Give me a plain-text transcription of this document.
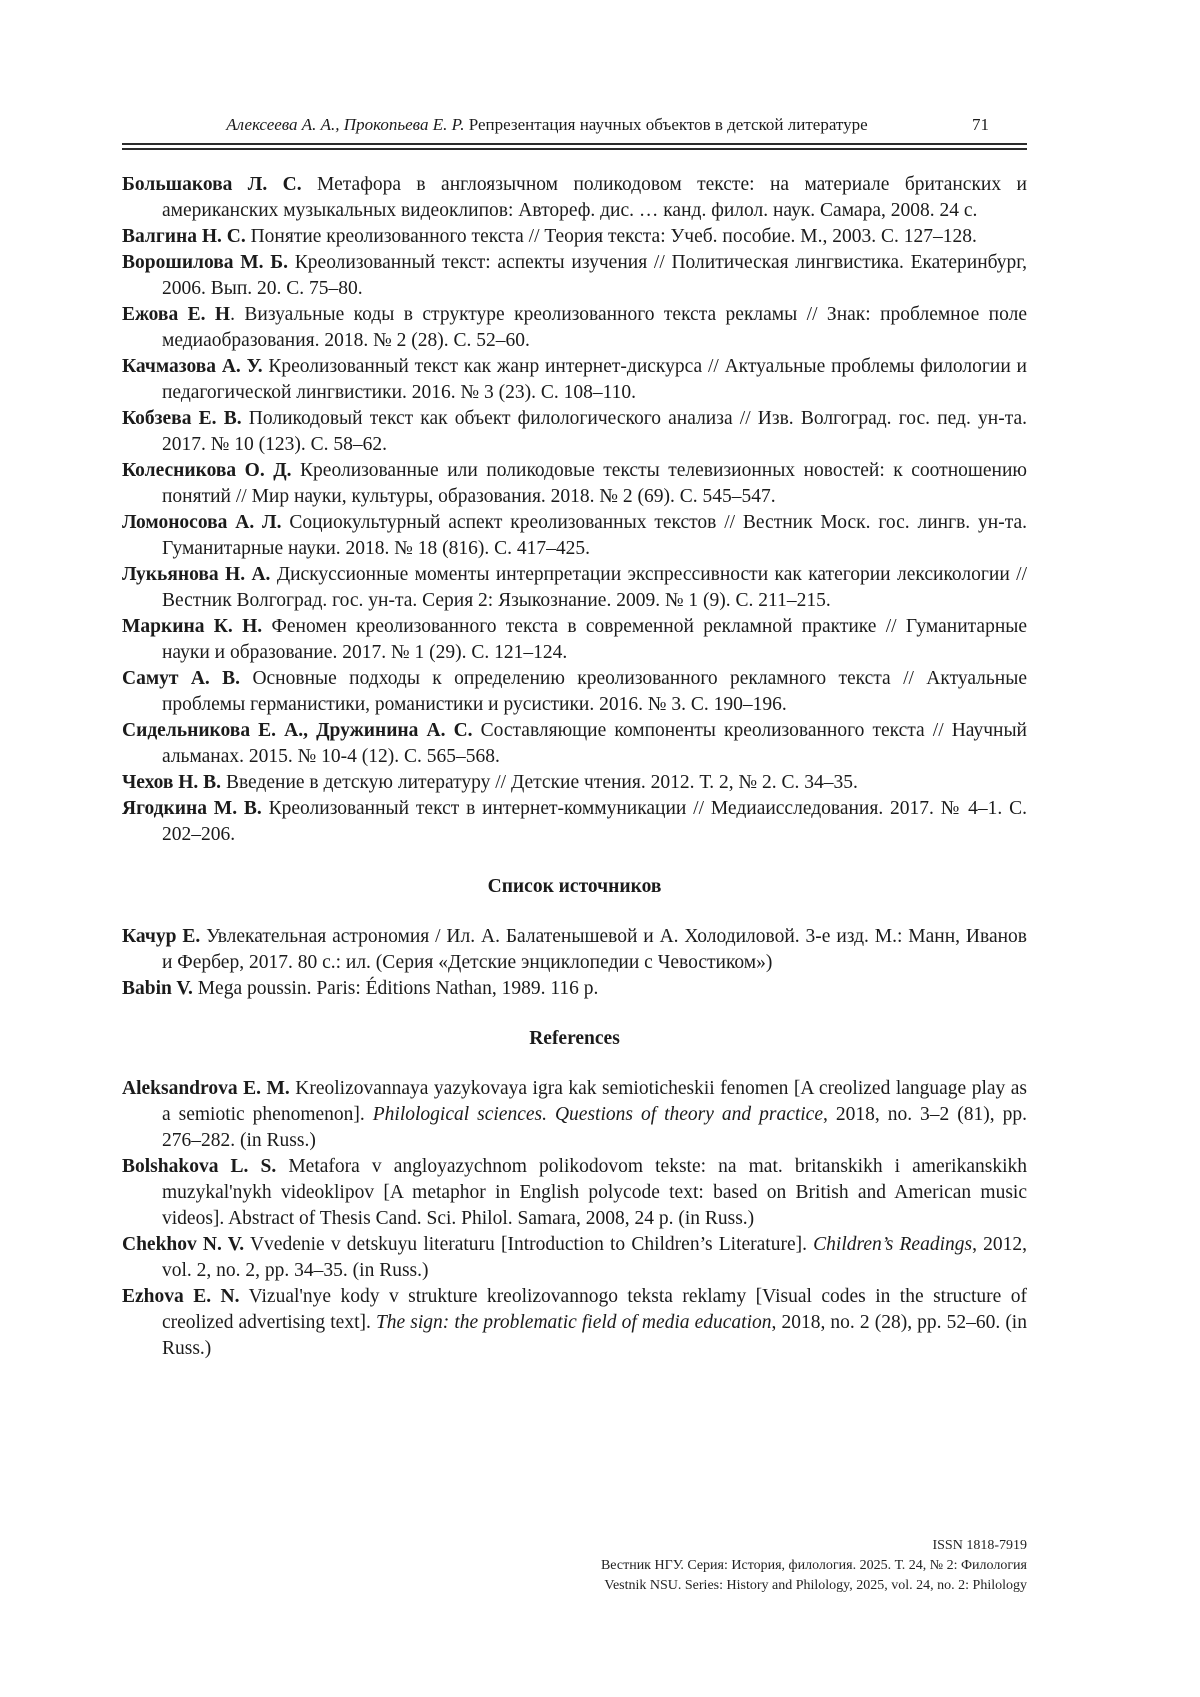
Алексеева А. А., Прокопьева Е. Р. Репрезентация научных объектов в детской литературе	71

Большакова Л. С. Метафора в англоязычном поликодовом тексте: на материале британских и американских музыкальных видеоклипов: Автореф. дис. … канд. филол. наук. Самара, 2008. 24 с.

Валгина Н. С. Понятие креолизованного текста // Теория текста: Учеб. пособие. М., 2003. С. 127–128.

Ворошилова М. Б. Креолизованный текст: аспекты изучения // Политическая лингвистика. Екатеринбург, 2006. Вып. 20. С. 75–80.

Ежова Е. Н. Визуальные коды в структуре креолизованного текста рекламы // Знак: проблемное поле медиаобразования. 2018. № 2 (28). С. 52–60.

Качмазова А. У. Креолизованный текст как жанр интернет-дискурса // Актуальные проблемы филологии и педагогической лингвистики. 2016. № 3 (23). С. 108–110.

Кобзева Е. В. Поликодовый текст как объект филологического анализа // Изв. Волгоград. гос. пед. ун-та. 2017. № 10 (123). С. 58–62.

Колесникова О. Д. Креолизованные или поликодовые тексты телевизионных новостей: к соотношению понятий // Мир науки, культуры, образования. 2018. № 2 (69). С. 545–547.

Ломоносова А. Л. Социокультурный аспект креолизованных текстов // Вестник Моск. гос. лингв. ун-та. Гуманитарные науки. 2018. № 18 (816). С. 417–425.

Лукьянова Н. А. Дискуссионные моменты интерпретации экспрессивности как категории лексикологии // Вестник Волгоград. гос. ун-та. Серия 2: Языкознание. 2009. № 1 (9). С. 211–215.

Маркина К. Н. Феномен креолизованного текста в современной рекламной практике // Гуманитарные науки и образование. 2017. № 1 (29). С. 121–124.

Самут А. В. Основные подходы к определению креолизованного рекламного текста // Актуальные проблемы германистики, романистики и русистики. 2016. № 3. С. 190–196.

Сидельникова Е. А., Дружинина А. С. Составляющие компоненты креолизованного текста // Научный альманах. 2015. № 10-4 (12). С. 565–568.

Чехов Н. В. Введение в детскую литературу // Детские чтения. 2012. Т. 2, № 2. С. 34–35.

Ягодкина М. В. Креолизованный текст в интернет-коммуникации // Медиаисследования. 2017. № 4–1. С. 202–206.

Список источников

Качур Е. Увлекательная астрономия / Ил. А. Балатенышевой и А. Холодиловой. 3-е изд. М.: Манн, Иванов и Фербер, 2017. 80 с.: ил. (Серия «Детские энциклопедии с Чевостиком»)

Babin V. Mega poussin. Paris: Éditions Nathan, 1989. 116 p.

References

Aleksandrova E. M. Kreolizovannaya yazykovaya igra kak semioticheskii fenomen [A creolized language play as a semiotic phenomenon]. Philological sciences. Questions of theory and practice, 2018, no. 3–2 (81), pp. 276–282. (in Russ.)

Bolshakova L. S. Metafora v angloyazychnom polikodovom tekste: na mat. britanskikh i amerikanskikh muzykal'nykh videoklipov [A metaphor in English polycode text: based on British and American music videos]. Abstract of Thesis Cand. Sci. Philol. Samara, 2008, 24 p. (in Russ.)

Chekhov N. V. Vvedenie v detskuyu literaturu [Introduction to Children’s Literature]. Children’s Readings, 2012, vol. 2, no. 2, pp. 34–35. (in Russ.)

Ezhova E. N. Vizual'nye kody v strukture kreolizovannogo teksta reklamy [Visual codes in the structure of creolized advertising text]. The sign: the problematic field of media education, 2018, no. 2 (28), pp. 52–60. (in Russ.)

ISSN 1818-7919
Вестник НГУ. Серия: История, филология. 2025. Т. 24, № 2: Филология
Vestnik NSU. Series: History and Philology, 2025, vol. 24, no. 2: Philology
